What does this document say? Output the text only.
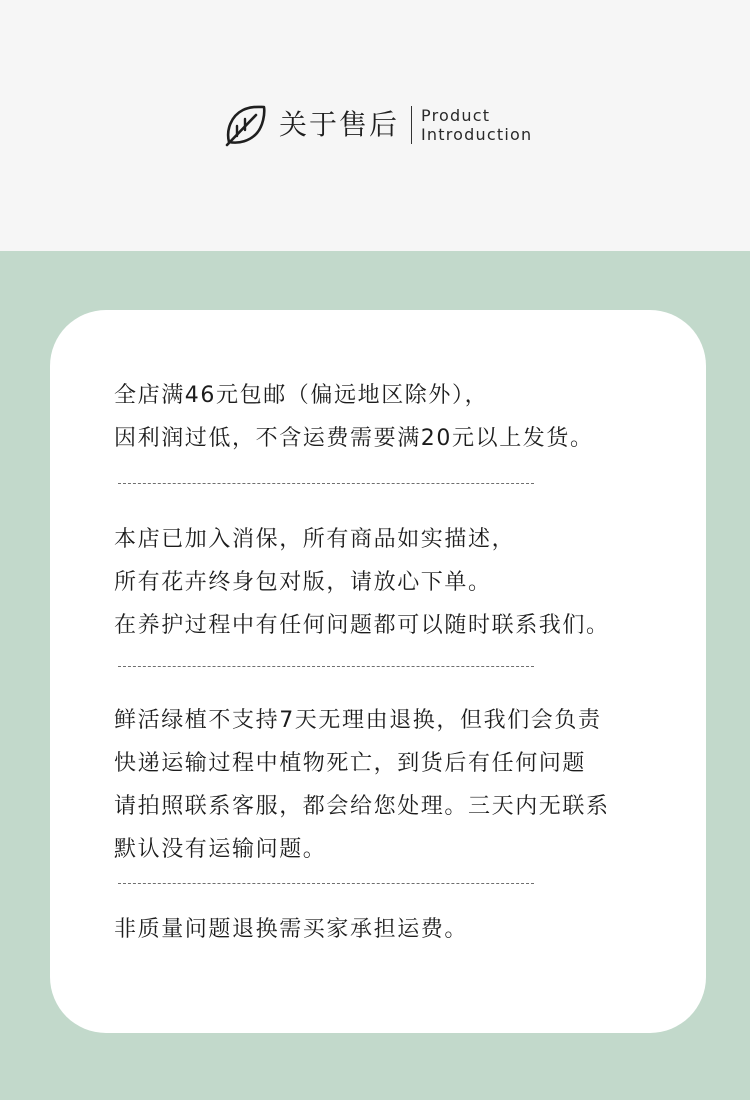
关于售后 Product
Introduction
全店满46元包邮（偏远地区除外），
因利润过低，不含运费需要满20元以上发货。
本店已加入消保，所有商品如实描述，
所有花卉终身包对版，请放心下单。
在养护过程中有任何问题都可以随时联系我们。
鲜活绿植不支持7天无理由退换，但我们会负责
快递运输过程中植物死亡，到货后有任何问题
请拍照联系客服，都会给您处理。三天内无联系
默认没有运输问题。
非质量问题退换需买家承担运费。
